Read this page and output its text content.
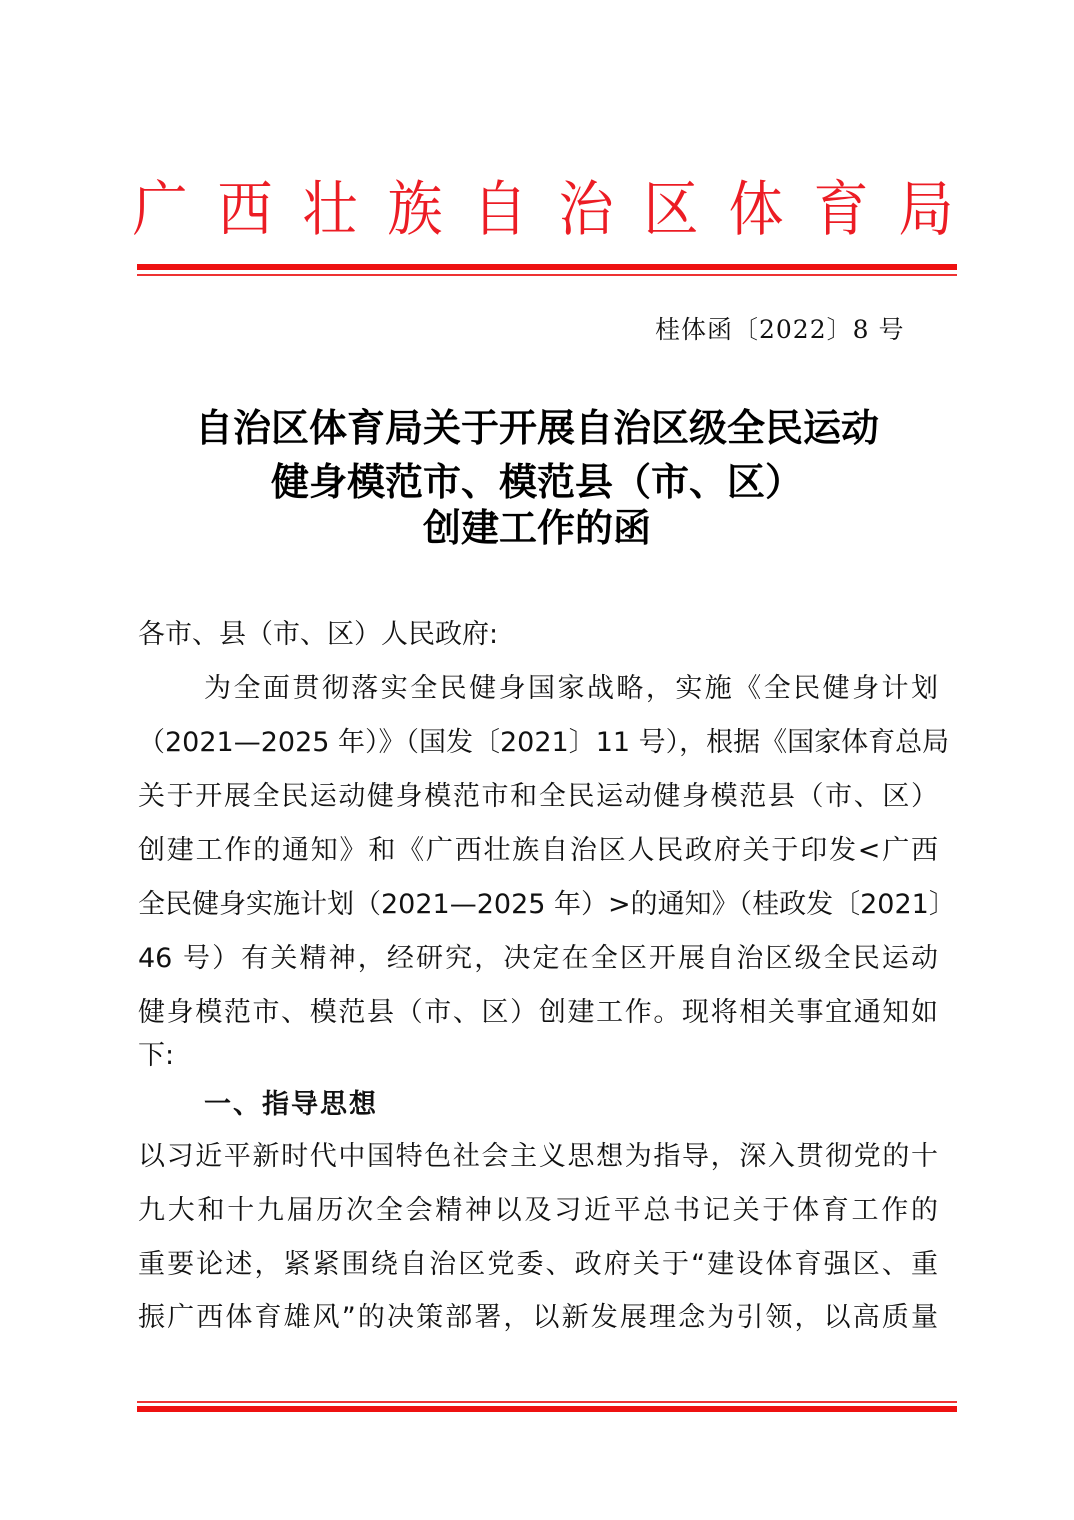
广 西 壮 族 自 治 区 体 育 局
桂体函〔2022〕8 号
自治区体育局关于开展自治区级全民运动
健身模范市、模范县（市、区）
创建工作的函
各市、县（市、区）人民政府:
为全面贯彻落实全民健身国家战略，实施《全民健身计划
（2021—2025 年）》（国发〔2021〕11 号），根据《国家体育总局
关于开展全民运动健身模范市和全民运动健身模范县（市、区）
创建工作的通知》和《广西壮族自治区人民政府关于印发<广西
全民健身实施计划（2021—2025 年）>的通知》（桂政发〔2021〕
46 号）有关精神，经研究，决定在全区开展自治区级全民运动
健身模范市、模范县（市、区）创建工作。现将相关事宜通知如
下:
一、指导思想
以习近平新时代中国特色社会主义思想为指导，深入贯彻党的十
九大和十九届历次全会精神以及习近平总书记关于体育工作的
重要论述，紧紧围绕自治区党委、政府关于“建设体育强区、重
振广西体育雄风”的决策部署，以新发展理念为引领，以高质量
